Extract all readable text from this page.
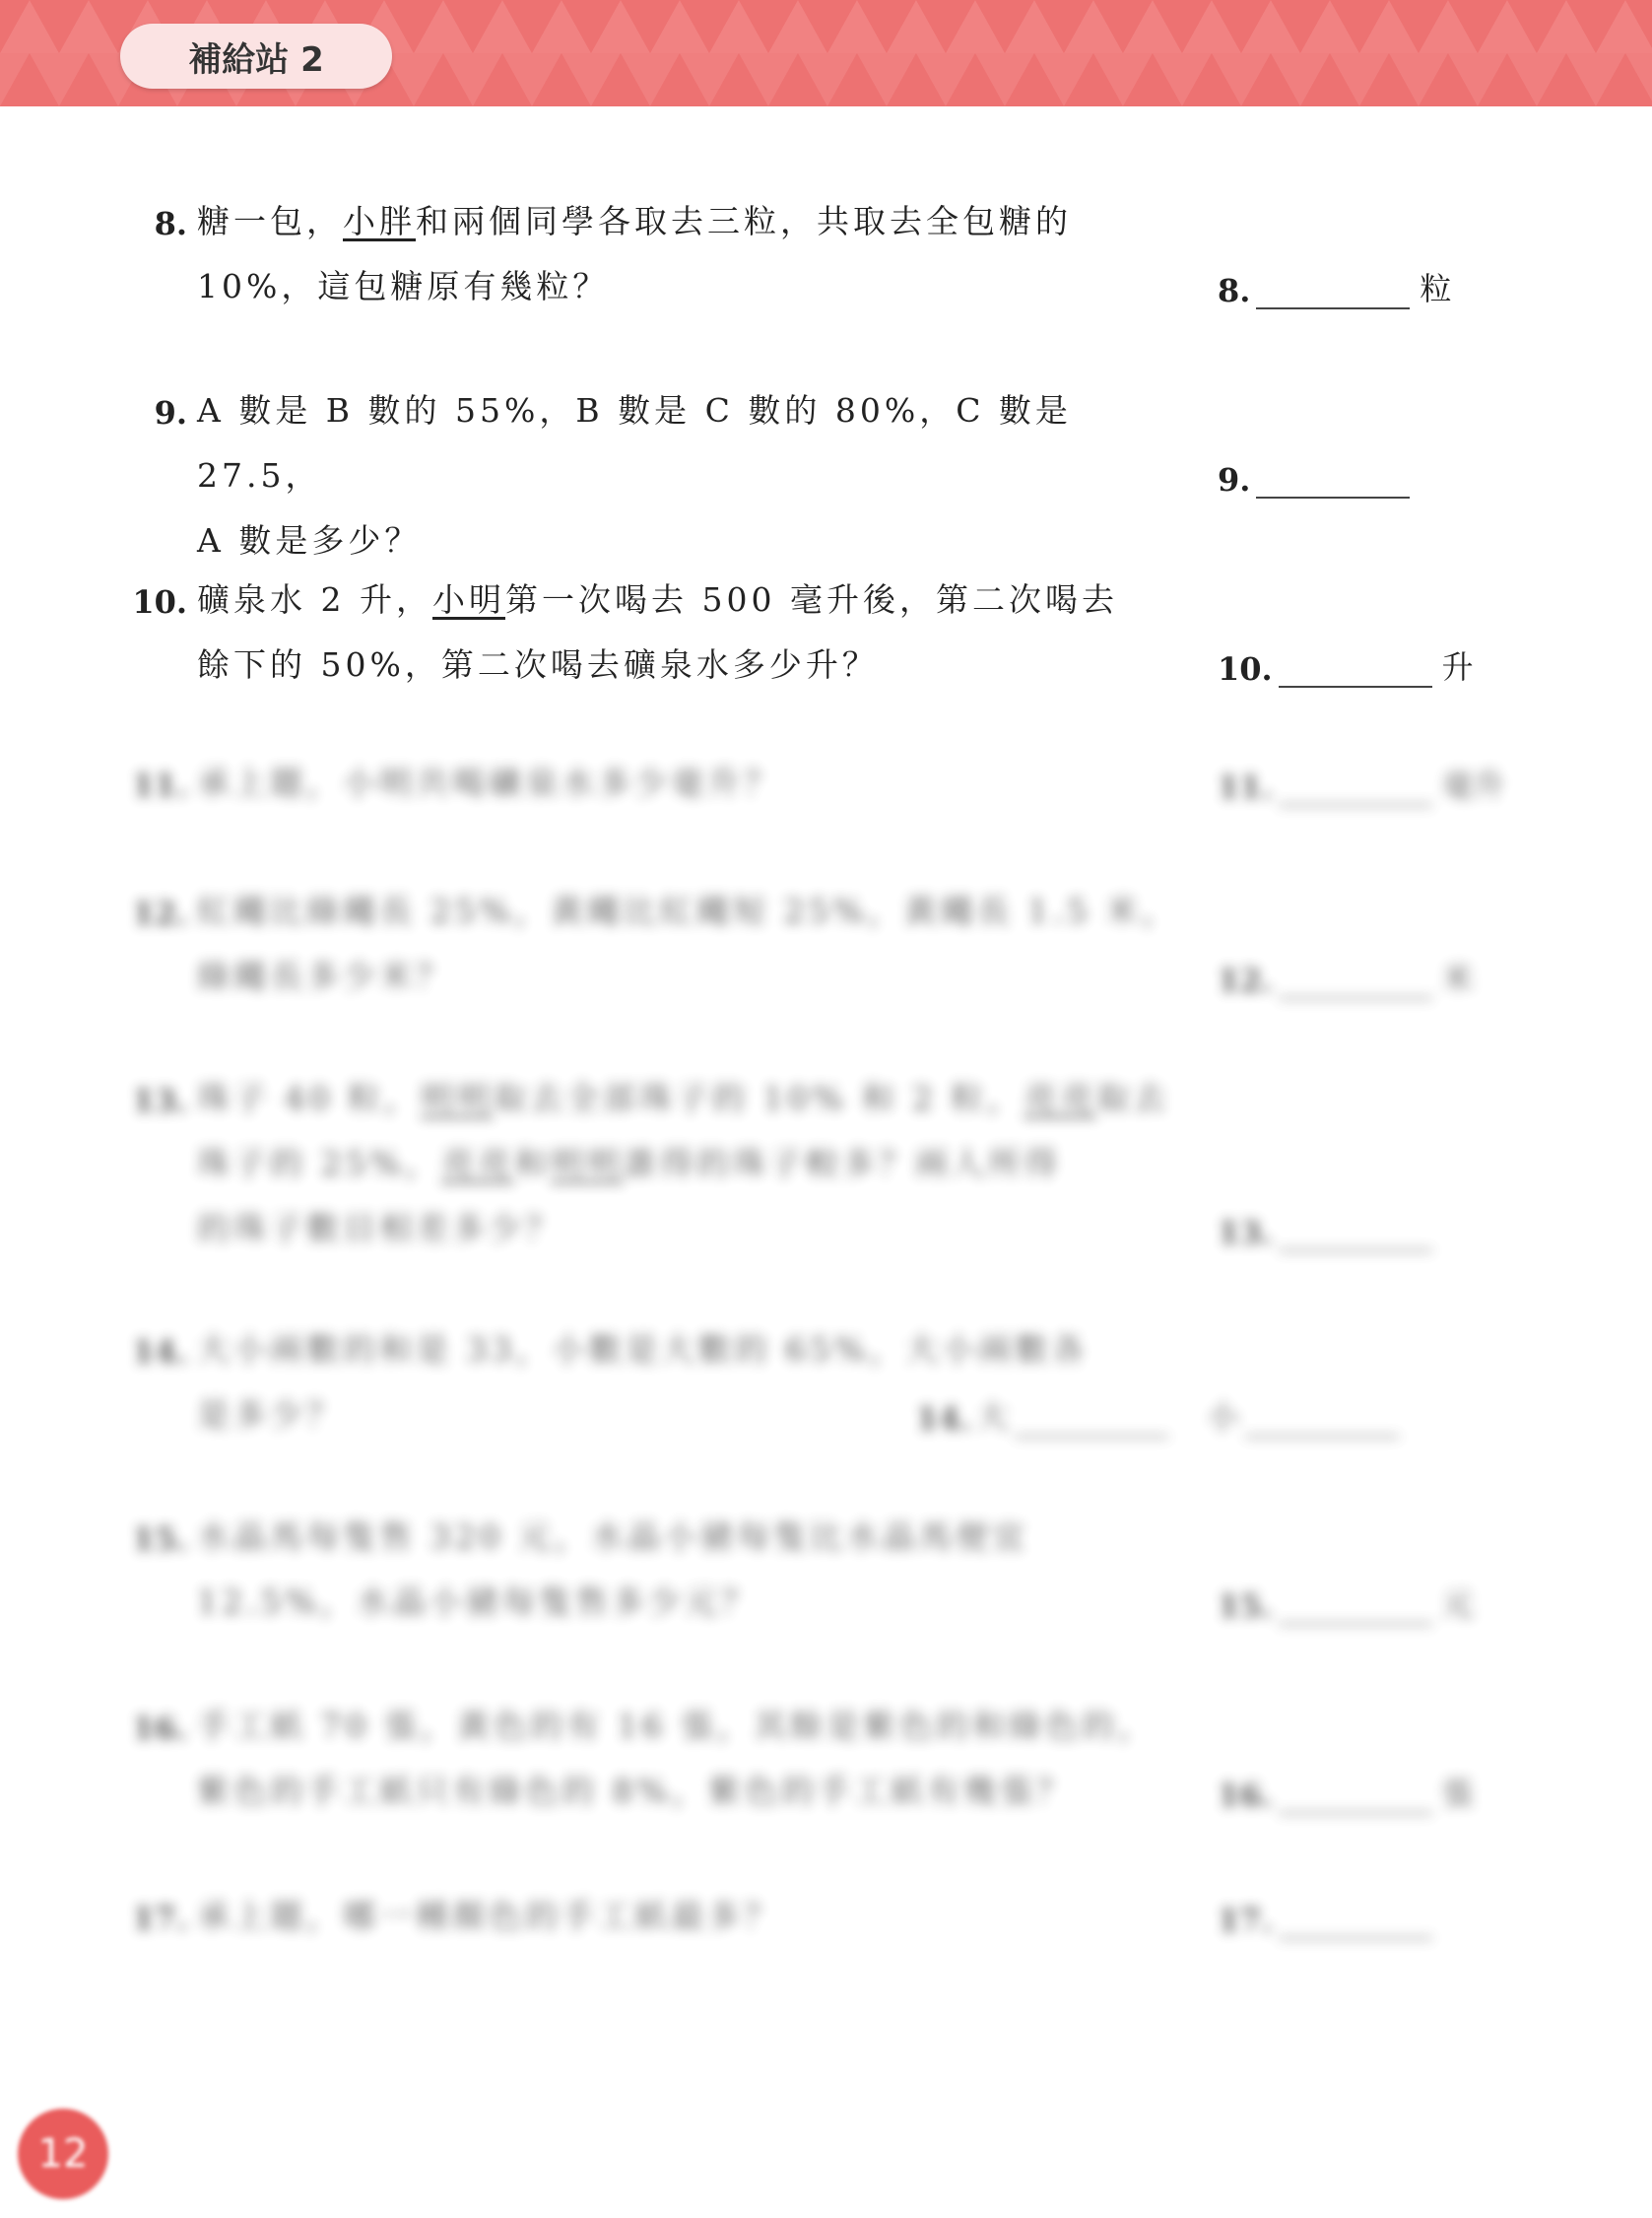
補給站 2
8. 糖一包，小胖和兩個同學各取去三粒，共取去全包糖的
10%，這包糖原有幾粒？	8.	粒
9. A 數是 B 數的 55%，B 數是 C 數的 80%，C 數是 27.5，
A 數是多少？
9.
10. 礦泉水 2 升，小明第一次喝去 500 毫升後，第二次喝去
餘下的 50%，第二次喝去礦泉水多少升？	10.	升
11. 承上題，小明共喝礦泉水多少毫升？	11.	毫升
12. 紅繩比綠繩長 25%，黃繩比紅繩短 25%，黃繩長 1.5 米，
綠繩長多少米？	12.	米
13. 珠子 40 粒，明明取去全部珠子的 10% 和 2 粒，亮亮取去
珠子的 25%，亮亮和明明誰得的珠子較多？兩人所得
的珠子數目相差多少？	13.
14. 大小兩數的和是 33，小數是大數的 65%，大小兩數各
是多少？	14. 大	小
15. 水晶馬每隻售 320 元，水晶小豬每隻比水晶馬便宜
12.5%，水晶小豬每隻售多少元？	15.	元
16. 手工紙 70 張，黃色的有 16 張，其餘是紫色的和綠色的，
紫色的手工紙只有綠色的 8%，紫色的手工紙有幾張？	16.	張
17. 承上題，哪一種顏色的手工紙最多？	17.
12
